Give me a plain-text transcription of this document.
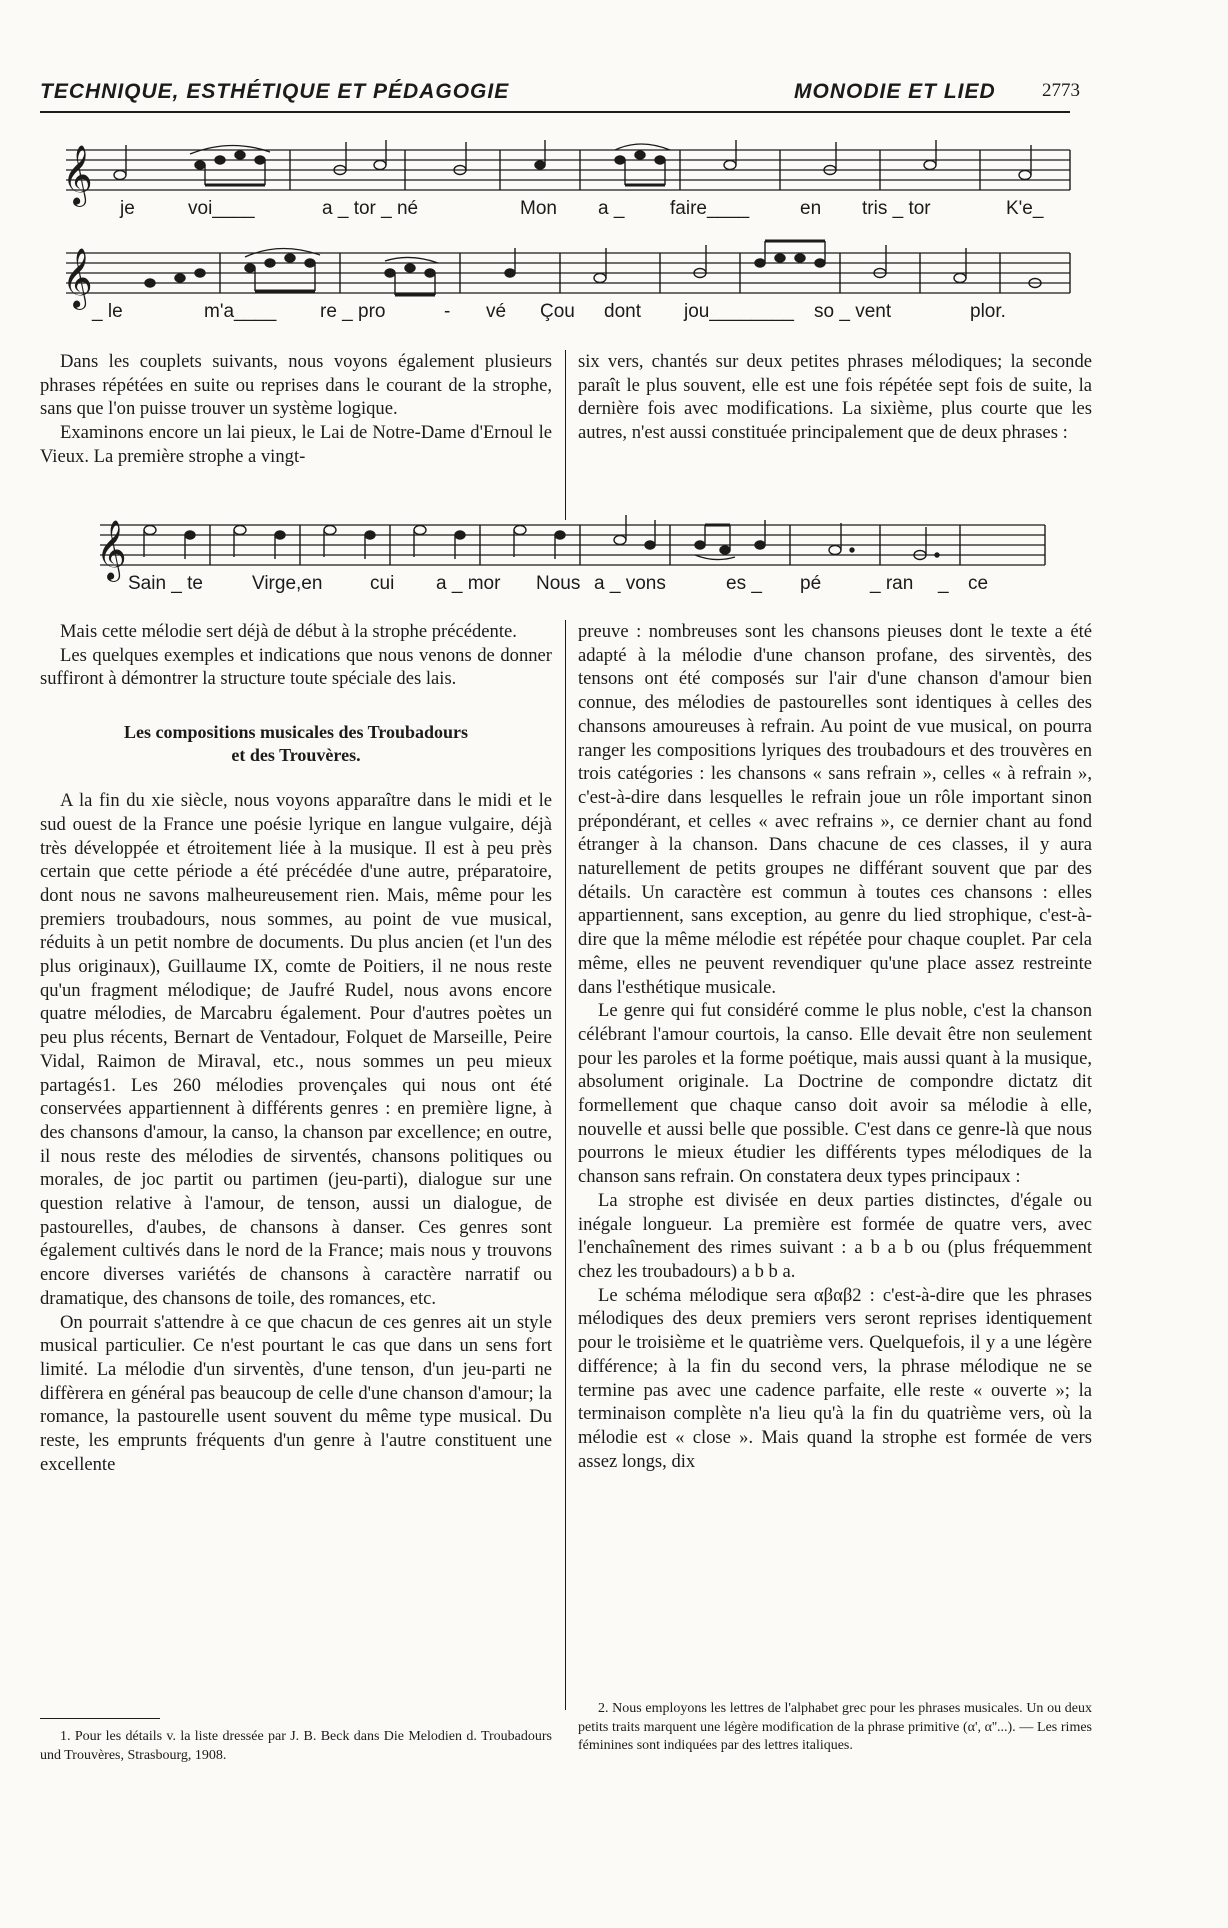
TECHNIQUE, ESTHÉTIQUE ET PÉDAGOGIE	MONODIE ET LIED 2773
𝄞
je	voi____	a _ tor _ né	Mon a _ faire____	en tris _ tor	K'e_
𝄞
_ le	m'a____ re _ pro	- vé Çou dont jou________ so _ vent	plor.

Dans les couplets suivants, nous voyons également plusieurs phrases répétées en suite ou reprises dans le courant de la strophe, sans que l'on puisse trouver un système logique.

Examinons encore un lai pieux, le Lai de Notre-Dame d'Ernoul le Vieux. La première strophe a vingt-

six vers, chantés sur deux petites phrases mélodiques; la seconde paraît le plus souvent, elle est une fois répétée sept fois de suite, la dernière fois avec modifications. La sixième, plus courte que les autres, n'est aussi constituée principalement que de deux phrases :

𝄞
Sain _ te	Virge,en	cui a _ mor Nous a _ vons	es _ pé	_ ran _ ce

Mais cette mélodie sert déjà de début à la strophe précédente.

Les quelques exemples et indications que nous venons de donner suffiront à démontrer la structure toute spéciale des lais.

Les compositions musicales des Troubadours
et des Trouvères.

A la fin du xie siècle, nous voyons apparaître dans le midi et le sud ouest de la France une poésie lyrique en langue vulgaire, déjà très développée et étroitement liée à la musique. Il est à peu près certain que cette période a été précédée d'une autre, préparatoire, dont nous ne savons malheureusement rien. Mais, même pour les premiers troubadours, nous sommes, au point de vue musical, réduits à un petit nombre de documents. Du plus ancien (et l'un des plus originaux), Guillaume IX, comte de Poitiers, il ne nous reste qu'un fragment mélodique; de Jaufré Rudel, nous avons encore quatre mélodies, de Marcabru également. Pour d'autres poètes un peu plus récents, Bernart de Ventadour, Folquet de Marseille, Peire Vidal, Raimon de Miraval, etc., nous sommes un peu mieux partagés1. Les 260 mélodies provençales qui nous ont été conservées appartiennent à différents genres : en première ligne, à des chansons d'amour, la canso, la chanson par excellence; en outre, il nous reste des mélodies de sirventés, chansons politiques ou morales, de joc partit ou partimen (jeu-parti), dialogue sur une question relative à l'amour, de tenson, aussi un dialogue, de pastourelles, d'aubes, de chansons à danser. Ces genres sont également cultivés dans le nord de la France; mais nous y trouvons encore diverses variétés de chansons à caractère narratif ou dramatique, des chansons de toile, des romances, etc.

On pourrait s'attendre à ce que chacun de ces genres ait un style musical particulier. Ce n'est pourtant le cas que dans un sens fort limité. La mélodie d'un sirventès, d'une tenson, d'un jeu-parti ne diffèrera en général pas beaucoup de celle d'une chanson d'amour; la romance, la pastourelle usent souvent du même type musical. Du reste, les emprunts fréquents d'un genre à l'autre constituent une excellente

preuve : nombreuses sont les chansons pieuses dont le texte a été adapté à la mélodie d'une chanson profane, des sirventès, des tensons ont été composés sur l'air d'une chanson d'amour bien connue, des mélodies de pastourelles sont identiques à celles des chansons amoureuses à refrain. Au point de vue musical, on pourra ranger les compositions lyriques des troubadours et des trouvères en trois catégories : les chansons « sans refrain », celles « à refrain », c'est-à-dire dans lesquelles le refrain joue un rôle important sinon prépondérant, et celles « avec refrains », ce dernier chant au fond étranger à la chanson. Dans chacune de ces classes, il y aura naturellement de petits groupes ne différant souvent que par des détails. Un caractère est commun à toutes ces chansons : elles appartiennent, sans exception, au genre du lied strophique, c'est-à-dire que la même mélodie est répétée pour chaque couplet. Par cela même, elles ne peuvent revendiquer qu'une place assez restreinte dans l'esthétique musicale.

Le genre qui fut considéré comme le plus noble, c'est la chanson célébrant l'amour courtois, la canso. Elle devait être non seulement pour les paroles et la forme poétique, mais aussi quant à la musique, absolument originale. La Doctrine de compondre dictatz dit formellement que chaque canso doit avoir sa mélodie à elle, nouvelle et aussi belle que possible. C'est dans ce genre-là que nous pourrons le mieux étudier les différents types mélodiques de la chanson sans refrain. On constatera deux types principaux :

La strophe est divisée en deux parties distinctes, d'égale ou inégale longueur. La première est formée de quatre vers, avec l'enchaînement des rimes suivant : a b a b ou (plus fréquemment chez les troubadours) a b b a.

Le schéma mélodique sera αβαβ2 : c'est-à-dire que les phrases mélodiques des deux premiers vers seront reprises identiquement pour le troisième et le quatrième vers. Quelquefois, il y a une légère différence; à la fin du second vers, la phrase mélodique ne se termine pas avec une cadence parfaite, elle reste « ouverte »; la terminaison complète n'a lieu qu'à la fin du quatrième vers, où la mélodie est « close ». Mais quand la strophe est formée de vers assez longs, dix

1. Pour les détails v. la liste dressée par J. B. Beck dans Die Melodien d. Troubadours und Trouvères, Strasbourg, 1908.

2. Nous employons les lettres de l'alphabet grec pour les phrases musicales. Un ou deux petits traits marquent une légère modification de la phrase primitive (α', α''...). — Les rimes féminines sont indiquées par des lettres italiques.
